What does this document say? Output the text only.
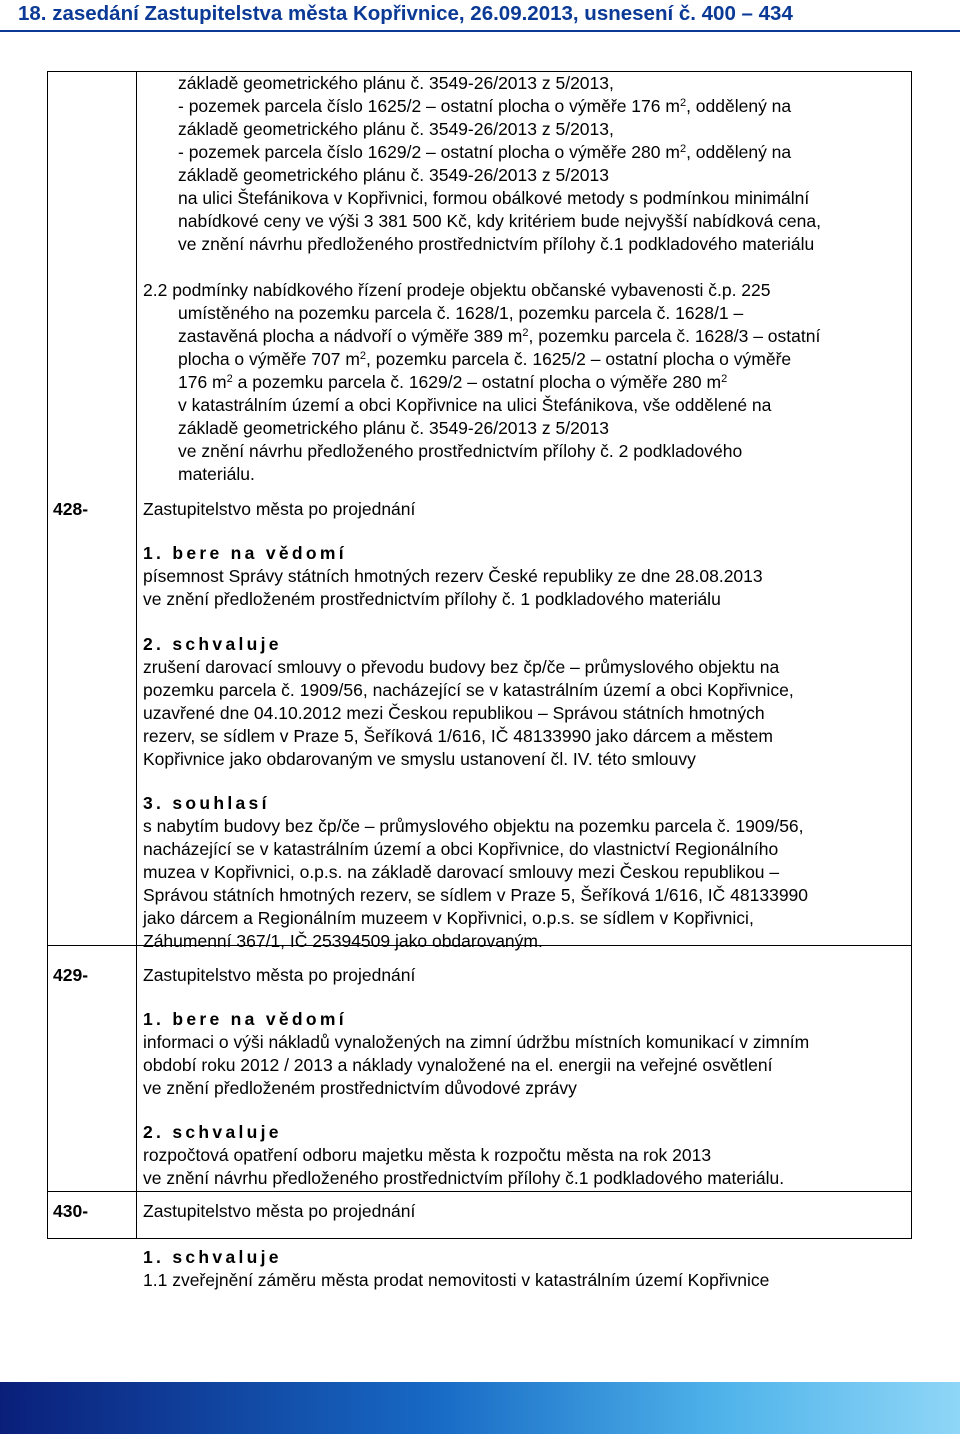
18. zasedání Zastupitelstva města Kopřivnice, 26.09.2013, usnesení č. 400 – 434
základě geometrického plánu č. 3549-26/2013 z 5/2013,
- pozemek parcela číslo 1625/2 – ostatní plocha o výměře 176 $m^2$, oddělený na
základě geometrického plánu č. 3549-26/2013 z 5/2013,
- pozemek parcela číslo 1629/2 – ostatní plocha o výměře 280 $m^2$, oddělený na
základě geometrického plánu č. 3549-26/2013 z 5/2013
na ulici Štefánikova v Kopřivnici, formou obálkové metody s podmínkou minimální
nabídkové ceny ve výši 3 381 500 Kč, kdy kritériem bude nejvyšší nabídková cena,
ve znění návrhu předloženého prostřednictvím přílohy č.1 podkladového materiálu
2.2 podmínky nabídkového řízení prodeje objektu občanské vybavenosti č.p. 225
umístěného na pozemku parcela č. 1628/1, pozemku parcela č. 1628/1 –
zastavěná plocha a nádvoří o výměře 389 $m^2$, pozemku parcela č. 1628/3 – ostatní
plocha o výměře 707 $m^2$, pozemku parcela č. 1625/2 – ostatní plocha o výměře
176 $m^2$ a pozemku parcela č. 1629/2 – ostatní plocha o výměře 280 $m^2$
v katastrálním území a obci Kopřivnice na ulici Štefánikova, vše oddělené na
základě geometrického plánu č. 3549-26/2013 z 5/2013
ve znění návrhu předloženého prostřednictvím přílohy č. 2 podkladového
materiálu.
428-	Zastupitelstvo města po projednání
1. bere na vědomí
písemnost Správy státních hmotných rezerv České republiky ze dne 28.08.2013
ve znění předloženém prostřednictvím přílohy č. 1 podkladového materiálu
2. schvaluje
zrušení darovací smlouvy o převodu budovy bez čp/če – průmyslového objektu na
pozemku parcela č. 1909/56, nacházející se v katastrálním území a obci Kopřivnice,
uzavřené dne 04.10.2012 mezi Českou republikou – Správou státních hmotných
rezerv, se sídlem v Praze 5, Šeříková 1/616, IČ 48133990 jako dárcem a městem
Kopřivnice jako obdarovaným ve smyslu ustanovení čl. IV. této smlouvy
3. souhlasí
s nabytím budovy bez čp/če – průmyslového objektu na pozemku parcela č. 1909/56,
nacházející se v katastrálním území a obci Kopřivnice, do vlastnictví Regionálního
muzea v Kopřivnici, o.p.s. na základě darovací smlouvy mezi Českou republikou –
Správou státních hmotných rezerv, se sídlem v Praze 5, Šeříková 1/616, IČ 48133990
jako dárcem a Regionálním muzeem v Kopřivnici, o.p.s. se sídlem v Kopřivnici,
Záhumenní 367/1, IČ 25394509 jako obdarovaným.
429-	Zastupitelstvo města po projednání
1. bere na vědomí
informaci o výši nákladů vynaložených na zimní údržbu místních komunikací v zimním
období roku 2012 / 2013 a náklady vynaložené na el. energii na veřejné osvětlení
ve znění předloženém prostřednictvím důvodové zprávy
2. schvaluje
rozpočtová opatření odboru majetku města k rozpočtu města na rok 2013
ve znění návrhu předloženého prostřednictvím přílohy č.1 podkladového materiálu.
430-	Zastupitelstvo města po projednání
1. schvaluje
1.1 zveřejnění záměru města prodat nemovitosti v katastrálním území Kopřivnice
